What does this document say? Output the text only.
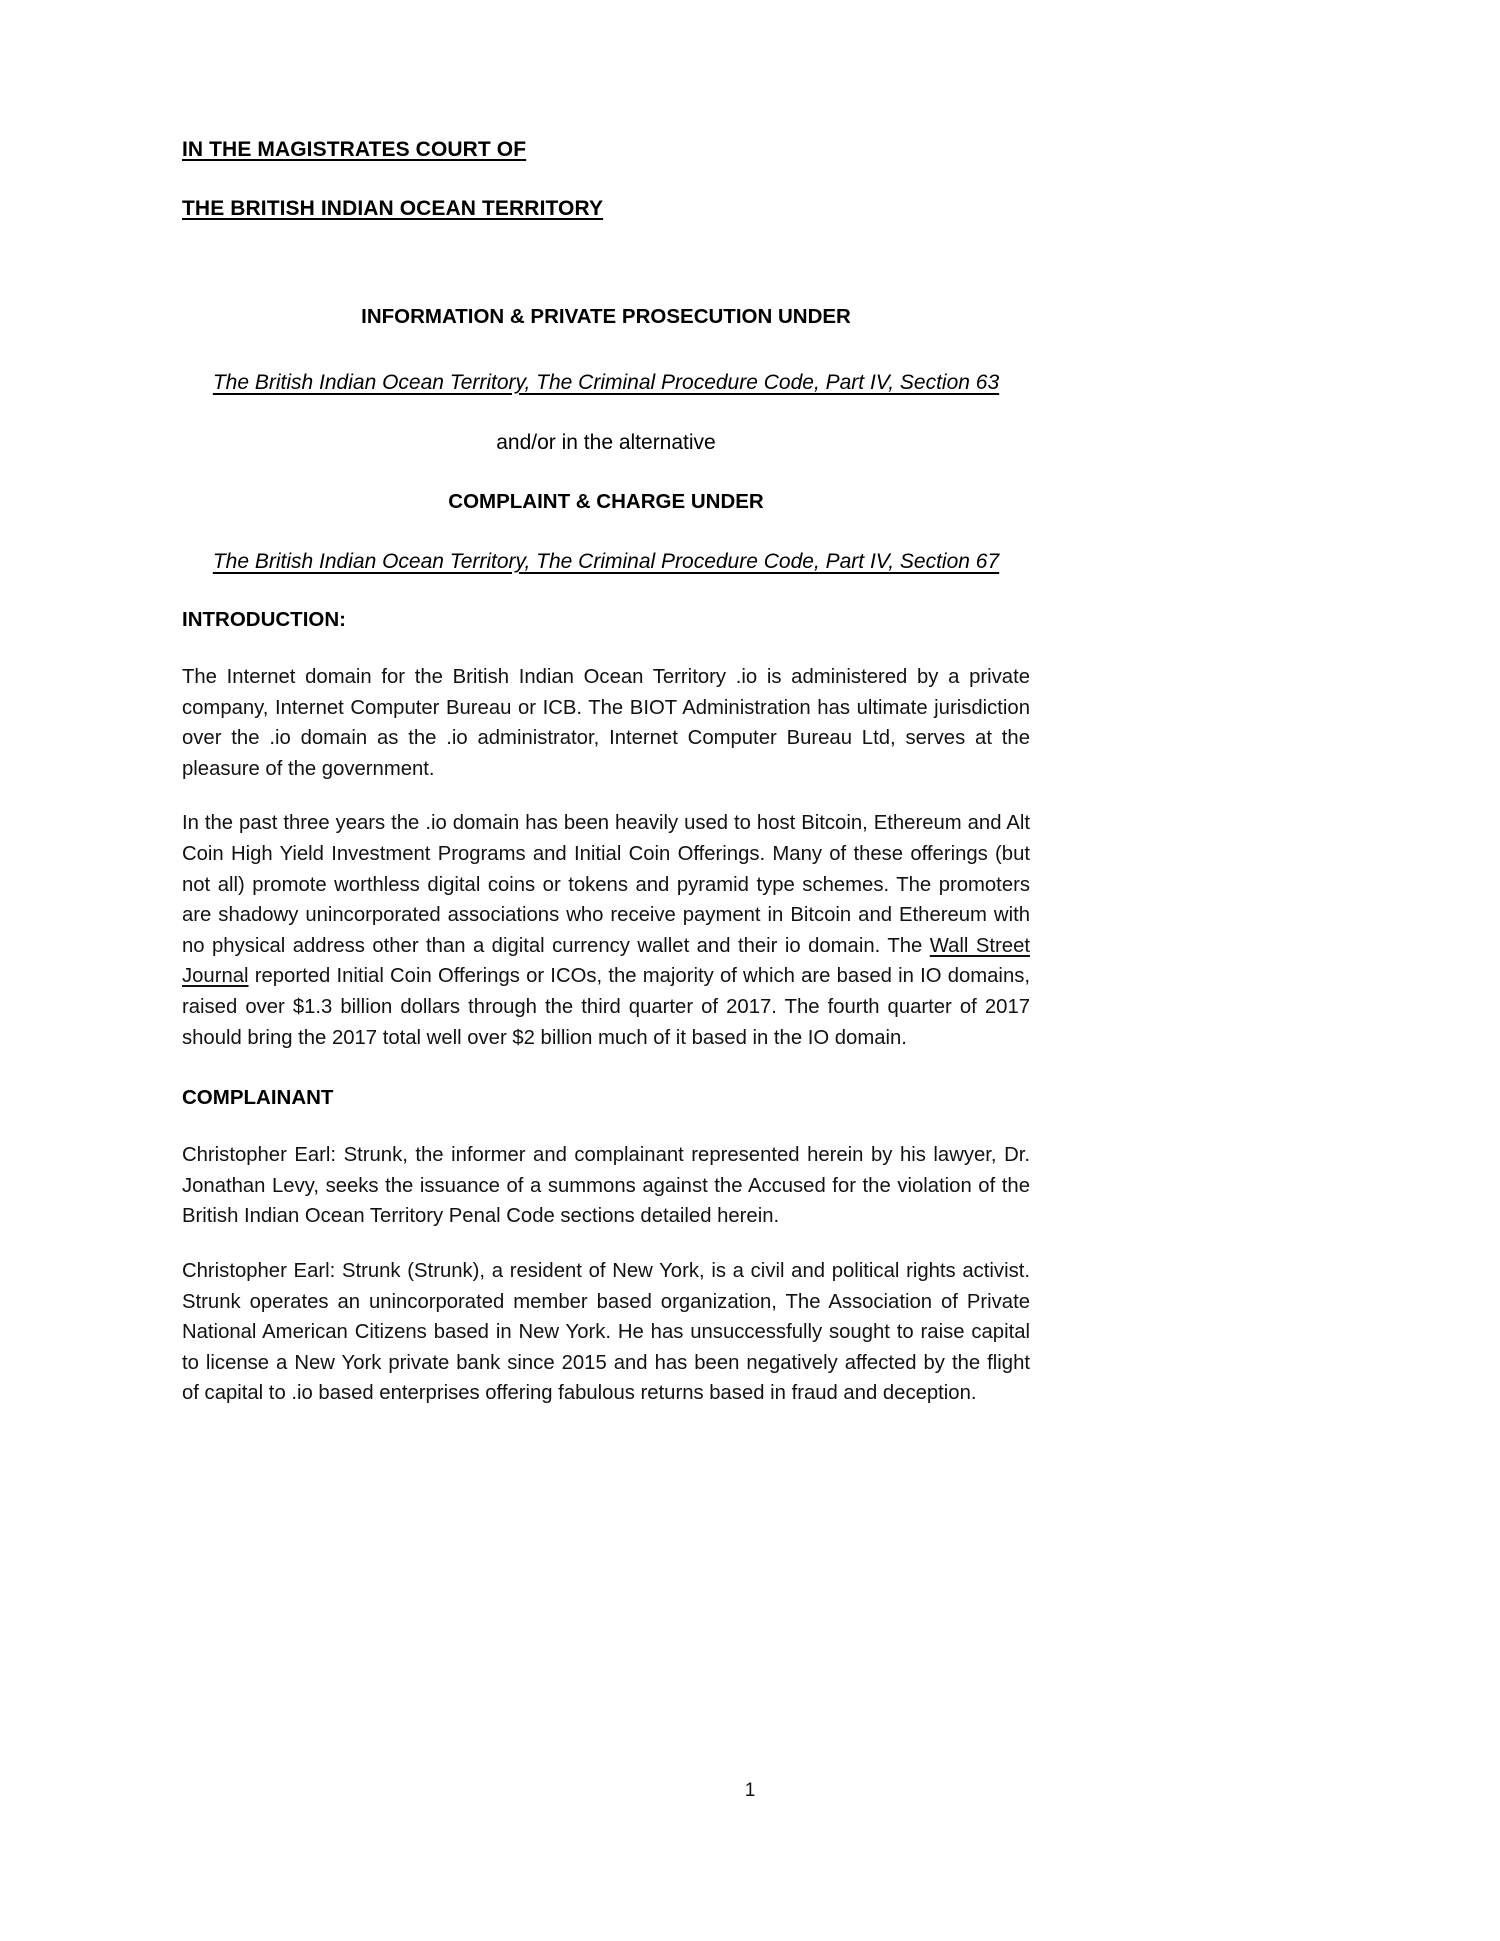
IN THE MAGISTRATES COURT OF
THE BRITISH INDIAN OCEAN TERRITORY

INFORMATION & PRIVATE PROSECUTION UNDER

The British Indian Ocean Territory, The Criminal Procedure Code, Part IV, Section 63

and/or in the alternative

COMPLAINT & CHARGE UNDER

The British Indian Ocean Territory, The Criminal Procedure Code, Part IV, Section 67

INTRODUCTION:

The Internet domain for the British Indian Ocean Territory .io is administered by a private company, Internet Computer Bureau or ICB. The BIOT Administration has ultimate jurisdiction over the .io domain as the .io administrator, Internet Computer Bureau Ltd, serves at the pleasure of the government.

In the past three years the .io domain has been heavily used to host Bitcoin, Ethereum and Alt Coin High Yield Investment Programs and Initial Coin Offerings. Many of these offerings (but not all) promote worthless digital coins or tokens and pyramid type schemes. The promoters are shadowy unincorporated associations who receive payment in Bitcoin and Ethereum with no physical address other than a digital currency wallet and their io domain. The Wall Street Journal reported Initial Coin Offerings or ICOs, the majority of which are based in IO domains, raised over $1.3 billion dollars through the third quarter of 2017. The fourth quarter of 2017 should bring the 2017 total well over $2 billion much of it based in the IO domain.

COMPLAINANT

Christopher Earl: Strunk, the informer and complainant represented herein by his lawyer, Dr. Jonathan Levy, seeks the issuance of a summons against the Accused for the violation of the British Indian Ocean Territory Penal Code sections detailed herein.

Christopher Earl: Strunk (Strunk), a resident of New York, is a civil and political rights activist. Strunk operates an unincorporated member based organization, The Association of Private National American Citizens based in New York. He has unsuccessfully sought to raise capital to license a New York private bank since 2015 and has been negatively affected by the flight of capital to .io based enterprises offering fabulous returns based in fraud and deception.

1
